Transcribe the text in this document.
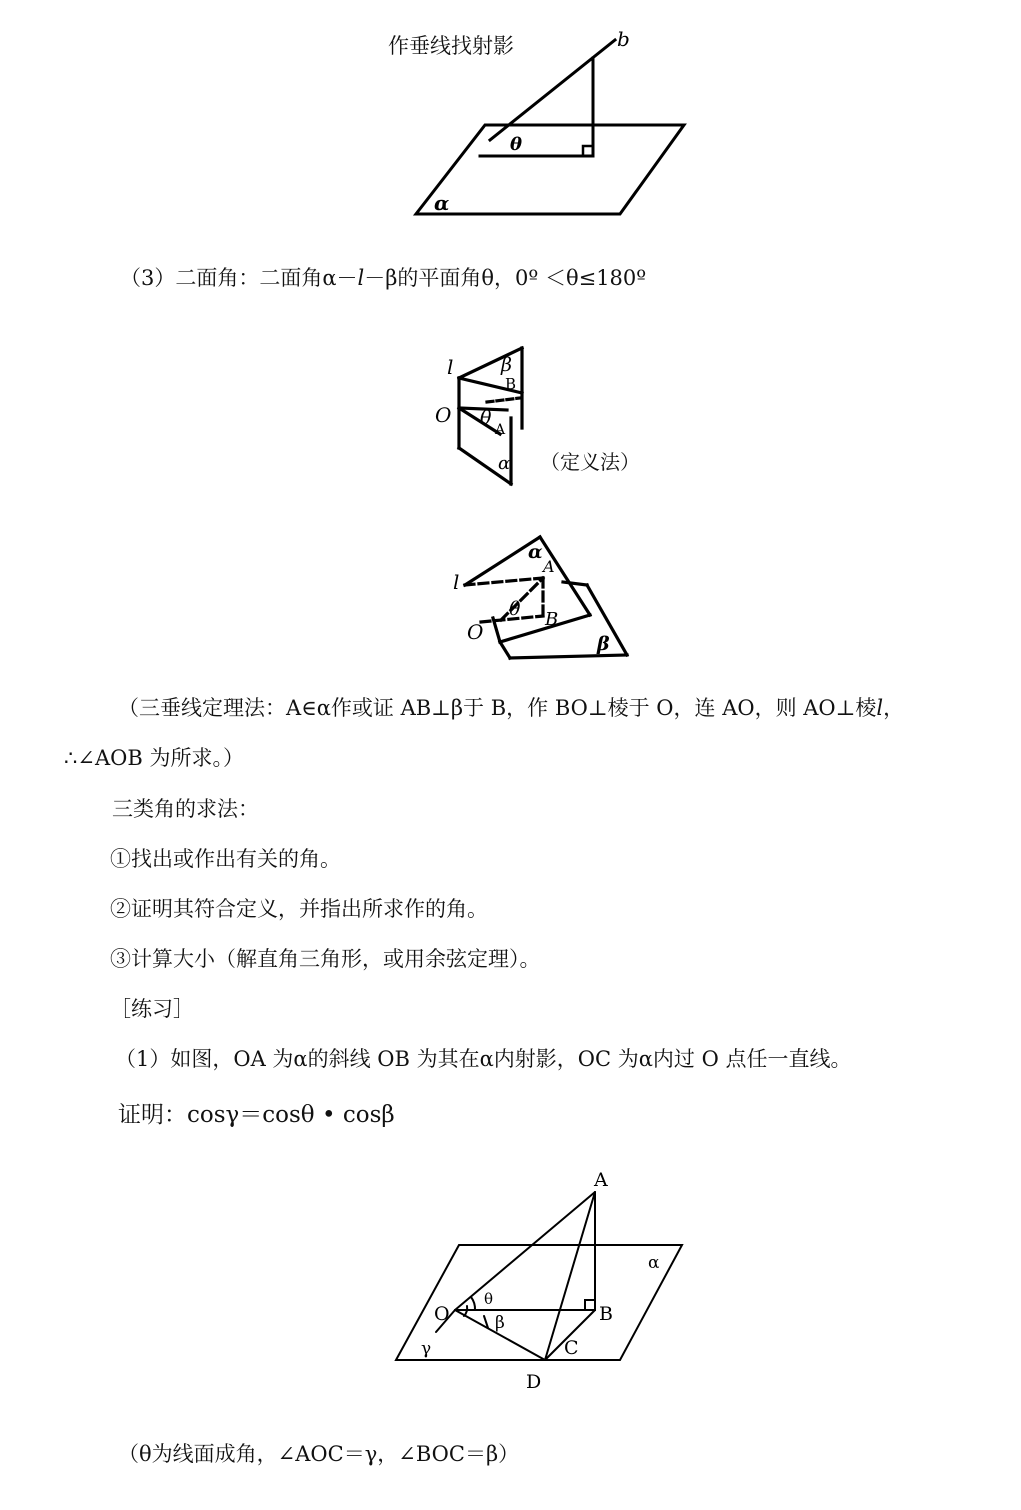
作垂线找射影	b
θ
α
（3）二面角：二面角α－l－β的平面角θ，0º ＜θ≤180º
l	β
B
O θ
A
α （定义法）
α
A
l
θ B
O	β
（三垂线定理法：A∈α作或证 AB⊥β于 B，作 BO⊥棱于 O，连 AO，则 AO⊥棱l，
∴∠AOB 为所求。）
三类角的求法：
①找出或作出有关的角。
②证明其符合定义，并指出所求作的角。
③计算大小（解直角三角形，或用余弦定理）。
［练习］
（1）如图，OA 为α的斜线 OB 为其在α内射影，OC 为α内过 O 点任一直线。
证明：cosγ＝cosθ • cosβ
A
α
O
θ
B
β
γ	C
D
（θ为线面成角，∠AOC＝γ，∠BOC＝β）
